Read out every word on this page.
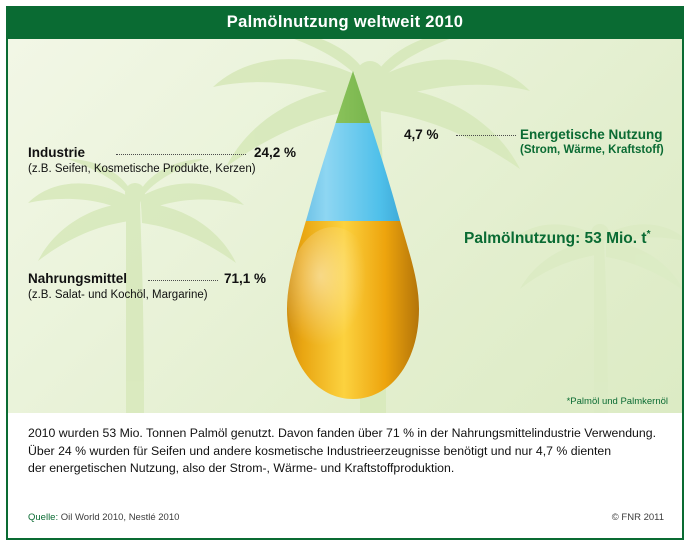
Palmölnutzung weltweit 2010
4,7 %	Energetische Nutzung
(Strom, Wärme, Kraftstoff)
Industrie
(z.B. Seifen, Kosmetische Produkte, Kerzen)
24,2 %
Nahrungsmittel
(z.B. Salat- und Kochöl, Margarine)
71,1 %
Palmölnutzung: 53 Mio. t*
*Palmöl und Palmkernöl
2010 wurden 53 Mio. Tonnen Palmöl genutzt. Davon fanden über 71 % in der Nahrungsmittelindustrie Verwendung.
Über 24 % wurden für Seifen und andere kosmetische Industrieerzeugnisse benötigt und nur 4,7 % dienten
der energetischen Nutzung, also der Strom-, Wärme- und Kraftstoffproduktion.
Quelle: Oil World 2010, Nestlé 2010	© FNR 2011
